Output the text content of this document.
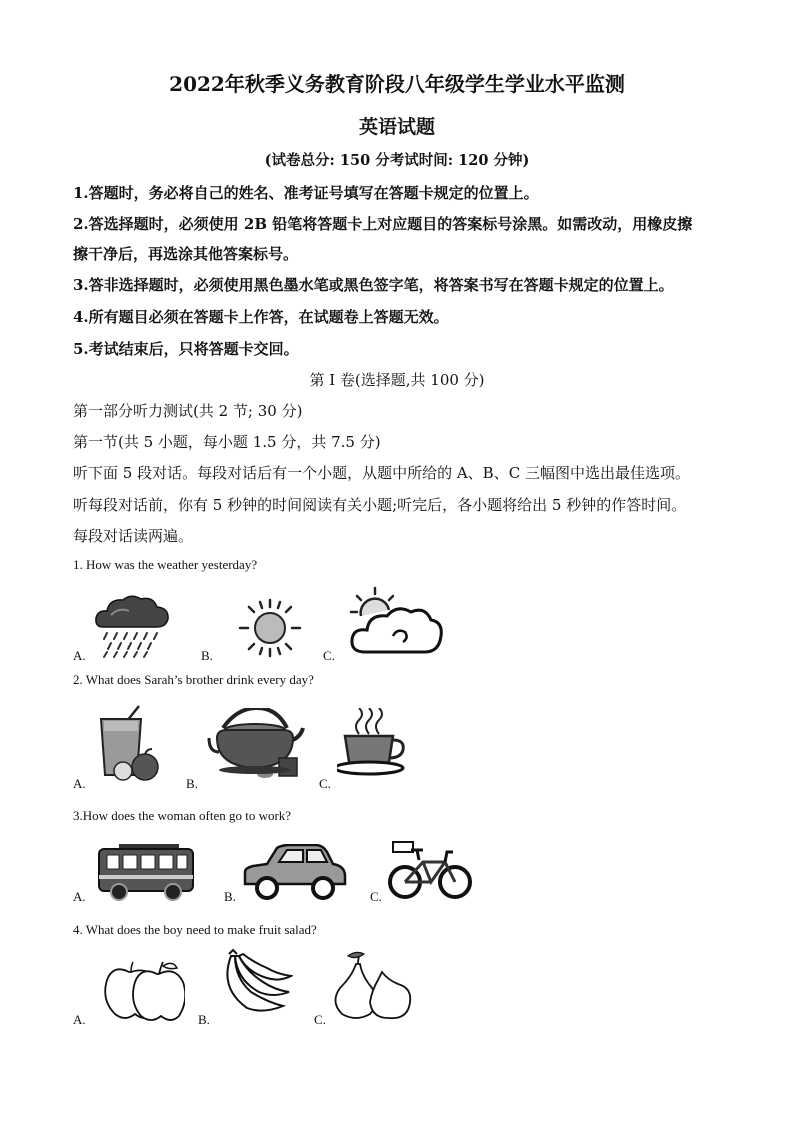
2022年秋季义务教育阶段八年级学生学业水平监测
英语试题
(试卷总分: 150 分考试时间: 120 分钟)
1.答题时，务必将自己的姓名、准考证号填写在答题卡规定的位置上。
2.答选择题时，必须使用 2B 铅笔将答题卡上对应题目的答案标号涂黑。如需改动，用橡皮擦
擦干净后，再选涂其他答案标号。
3.答非选择题时，必须使用黑色墨水笔或黑色签字笔，将答案书写在答题卡规定的位置上。
4.所有题目必须在答题卡上作答，在试题卷上答题无效。
5.考试结束后，只将答题卡交回。
第 I 卷(选择题,共 100 分)
第一部分听力测试(共 2 节; 30 分)
第一节(共 5 小题，每小题 1.5 分，共 7.5 分)
听下面 5 段对话。每段对话后有一个小题，从题中所给的 A、B、C 三幅图中选出最佳选项。
听每段对话前，你有 5 秒钟的时间阅读有关小题;听完后，各小题将给出 5 秒钟的作答时间。
每段对话读两遍。
1. How was the weather yesterday?
A.	B.	C.
2. What does Sarah’s brother drink every day?
A.	B.	C.
3.How does the woman often go to work?
A.	B.	C.
4. What does the boy need to make fruit salad?
A.	B.	C.
